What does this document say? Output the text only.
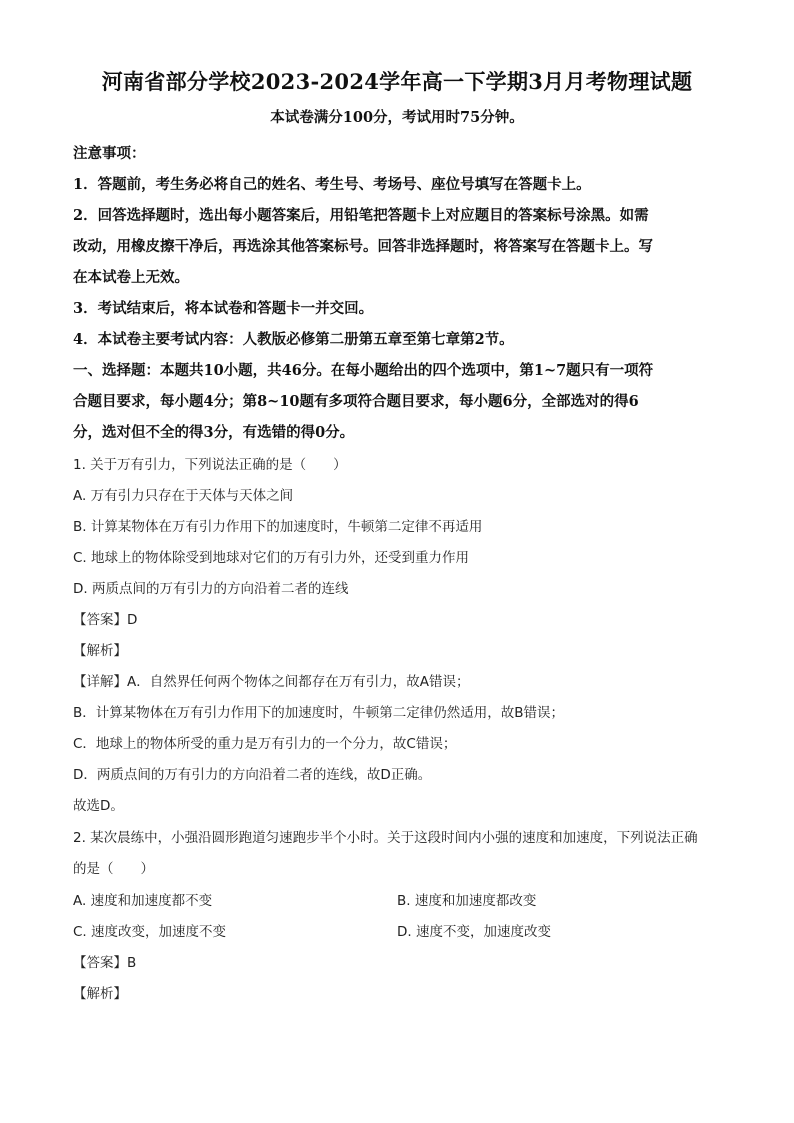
河南省部分学校2023-2024学年高一下学期3月月考物理试题
本试卷满分100分，考试用时75分钟。
注意事项：
1．答题前，考生务必将自己的姓名、考生号、考场号、座位号填写在答题卡上。
2．回答选择题时，选出每小题答案后，用铅笔把答题卡上对应题目的答案标号涂黑。如需
改动，用橡皮擦干净后，再选涂其他答案标号。回答非选择题时，将答案写在答题卡上。写
在本试卷上无效。
3．考试结束后，将本试卷和答题卡一并交回。
4．本试卷主要考试内容：人教版必修第二册第五章至第七章第2节。
一、选择题：本题共10小题，共46分。在每小题给出的四个选项中，第1~7题只有一项符
合题目要求，每小题4分；第8~10题有多项符合题目要求，每小题6分，全部选对的得6
分，选对但不全的得3分，有选错的得0分。
1. 关于万有引力，下列说法正确的是（　　）
A. 万有引力只存在于天体与天体之间
B. 计算某物体在万有引力作用下的加速度时，牛顿第二定律不再适用
C. 地球上的物体除受到地球对它们的万有引力外，还受到重力作用
D. 两质点间的万有引力的方向沿着二者的连线
【答案】D
【解析】
【详解】A．自然界任何两个物体之间都存在万有引力，故A错误；
B．计算某物体在万有引力作用下的加速度时，牛顿第二定律仍然适用，故B错误；
C．地球上的物体所受的重力是万有引力的一个分力，故C错误；
D．两质点间的万有引力的方向沿着二者的连线，故D正确。
故选D。
2. 某次晨练中，小强沿圆形跑道匀速跑步半个小时。关于这段时间内小强的速度和加速度，下列说法正确
的是（　　）
A. 速度和加速度都不变	B. 速度和加速度都改变
C. 速度改变，加速度不变	D. 速度不变，加速度改变
【答案】B
【解析】
